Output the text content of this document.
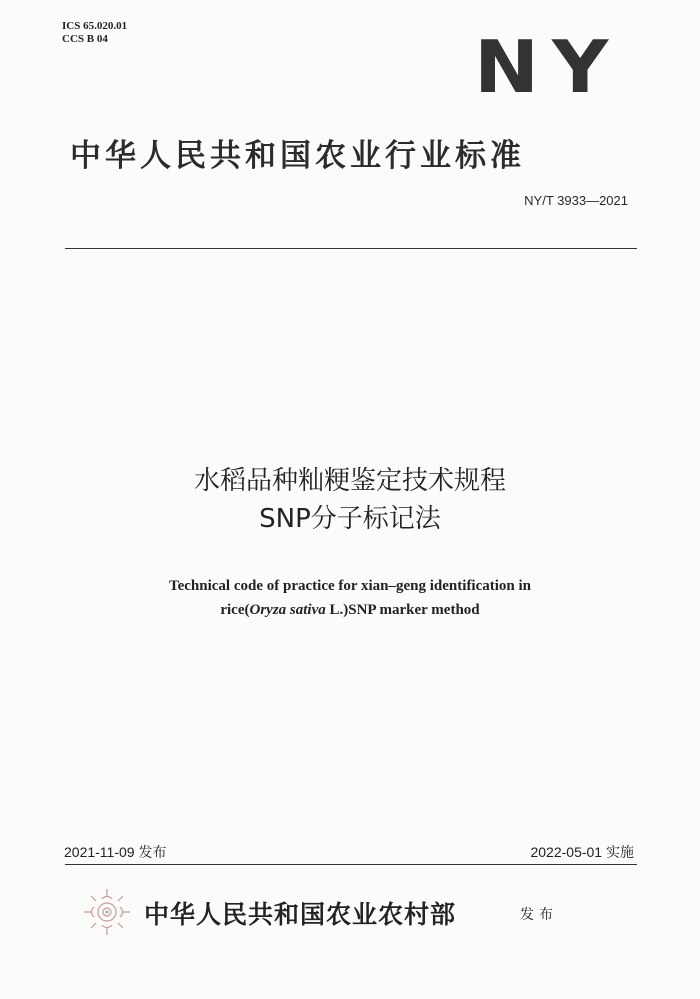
ICS 65.020.01
CCS B 04	NY
中华人民共和国农业行业标准
NY/T 3933—2021
水稻品种籼粳鉴定技术规程
SNP分子标记法
Technical code of practice for xian–geng identification in
rice(Oryza sativa L.)SNP marker method
2021-11-09 发布	2022-05-01 实施
中华人民共和国农业农村部	发布
